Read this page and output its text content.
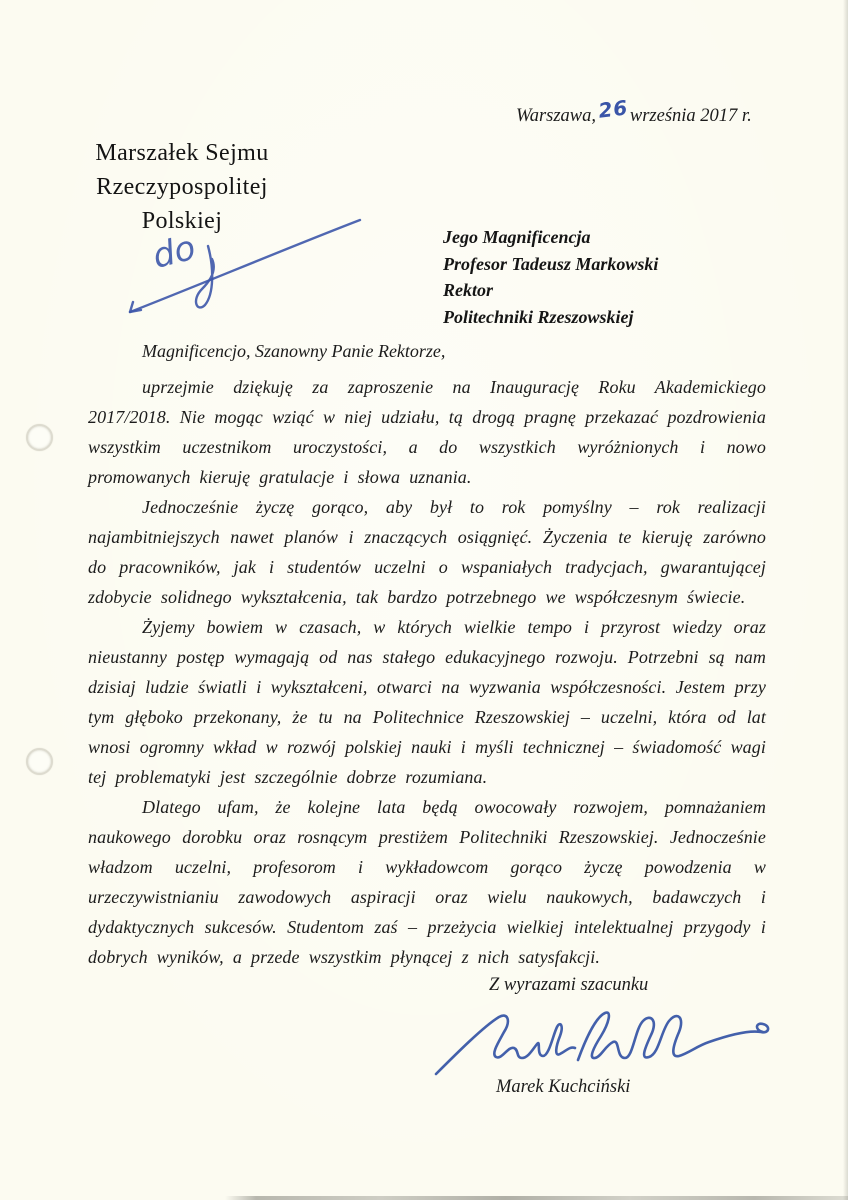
Warszawa,26września 2017 r.
Marszałek Sejmu
Rzeczypospolitej Polskiej
do	Jego Magnificencja
Profesor Tadeusz Markowski
Rektor
Politechniki Rzeszowskiej
Magnificencjo, Szanowny Panie Rektorze,

uprzejmie dziękuję za zaproszenie na Inaugurację Roku Akademickiego 2017/2018. Nie mogąc wziąć w niej udziału, tą drogą pragnę przekazać pozdrowienia wszystkim uczestnikom uroczystości, a do wszystkich wyróżnionych i nowo promowanych kieruję gratulacje i słowa uznania.

Jednocześnie życzę gorąco, aby był to rok pomyślny – rok realizacji najambitniejszych nawet planów i znaczących osiągnięć. Życzenia te kieruję zarówno do pracowników, jak i studentów uczelni o wspaniałych tradycjach, gwarantującej zdobycie solidnego wykształcenia, tak bardzo potrzebnego we współczesnym świecie.

Żyjemy bowiem w czasach, w których wielkie tempo i przyrost wiedzy oraz nieustanny postęp wymagają od nas stałego edukacyjnego rozwoju. Potrzebni są nam dzisiaj ludzie światli i wykształceni, otwarci na wyzwania współczesności. Jestem przy tym głęboko przekonany, że tu na Politechnice Rzeszowskiej – uczelni, która od lat wnosi ogromny wkład w rozwój polskiej nauki i myśli technicznej – świadomość wagi tej problematyki jest szczególnie dobrze rozumiana.

Dlatego ufam, że kolejne lata będą owocowały rozwojem, pomnażaniem naukowego dorobku oraz rosnącym prestiżem Politechniki Rzeszowskiej. Jednocześnie władzom uczelni, profesorom i wykładowcom gorąco życzę powodzenia w urzeczywistnianiu zawodowych aspiracji oraz wielu naukowych, badawczych i dydaktycznych sukcesów. Studentom zaś – przeżycia wielkiej intelektualnej przygody i dobrych wyników, a przede wszystkim płynącej z nich satysfakcji.

Z wyrazami szacunku
Marek Kuchciński
